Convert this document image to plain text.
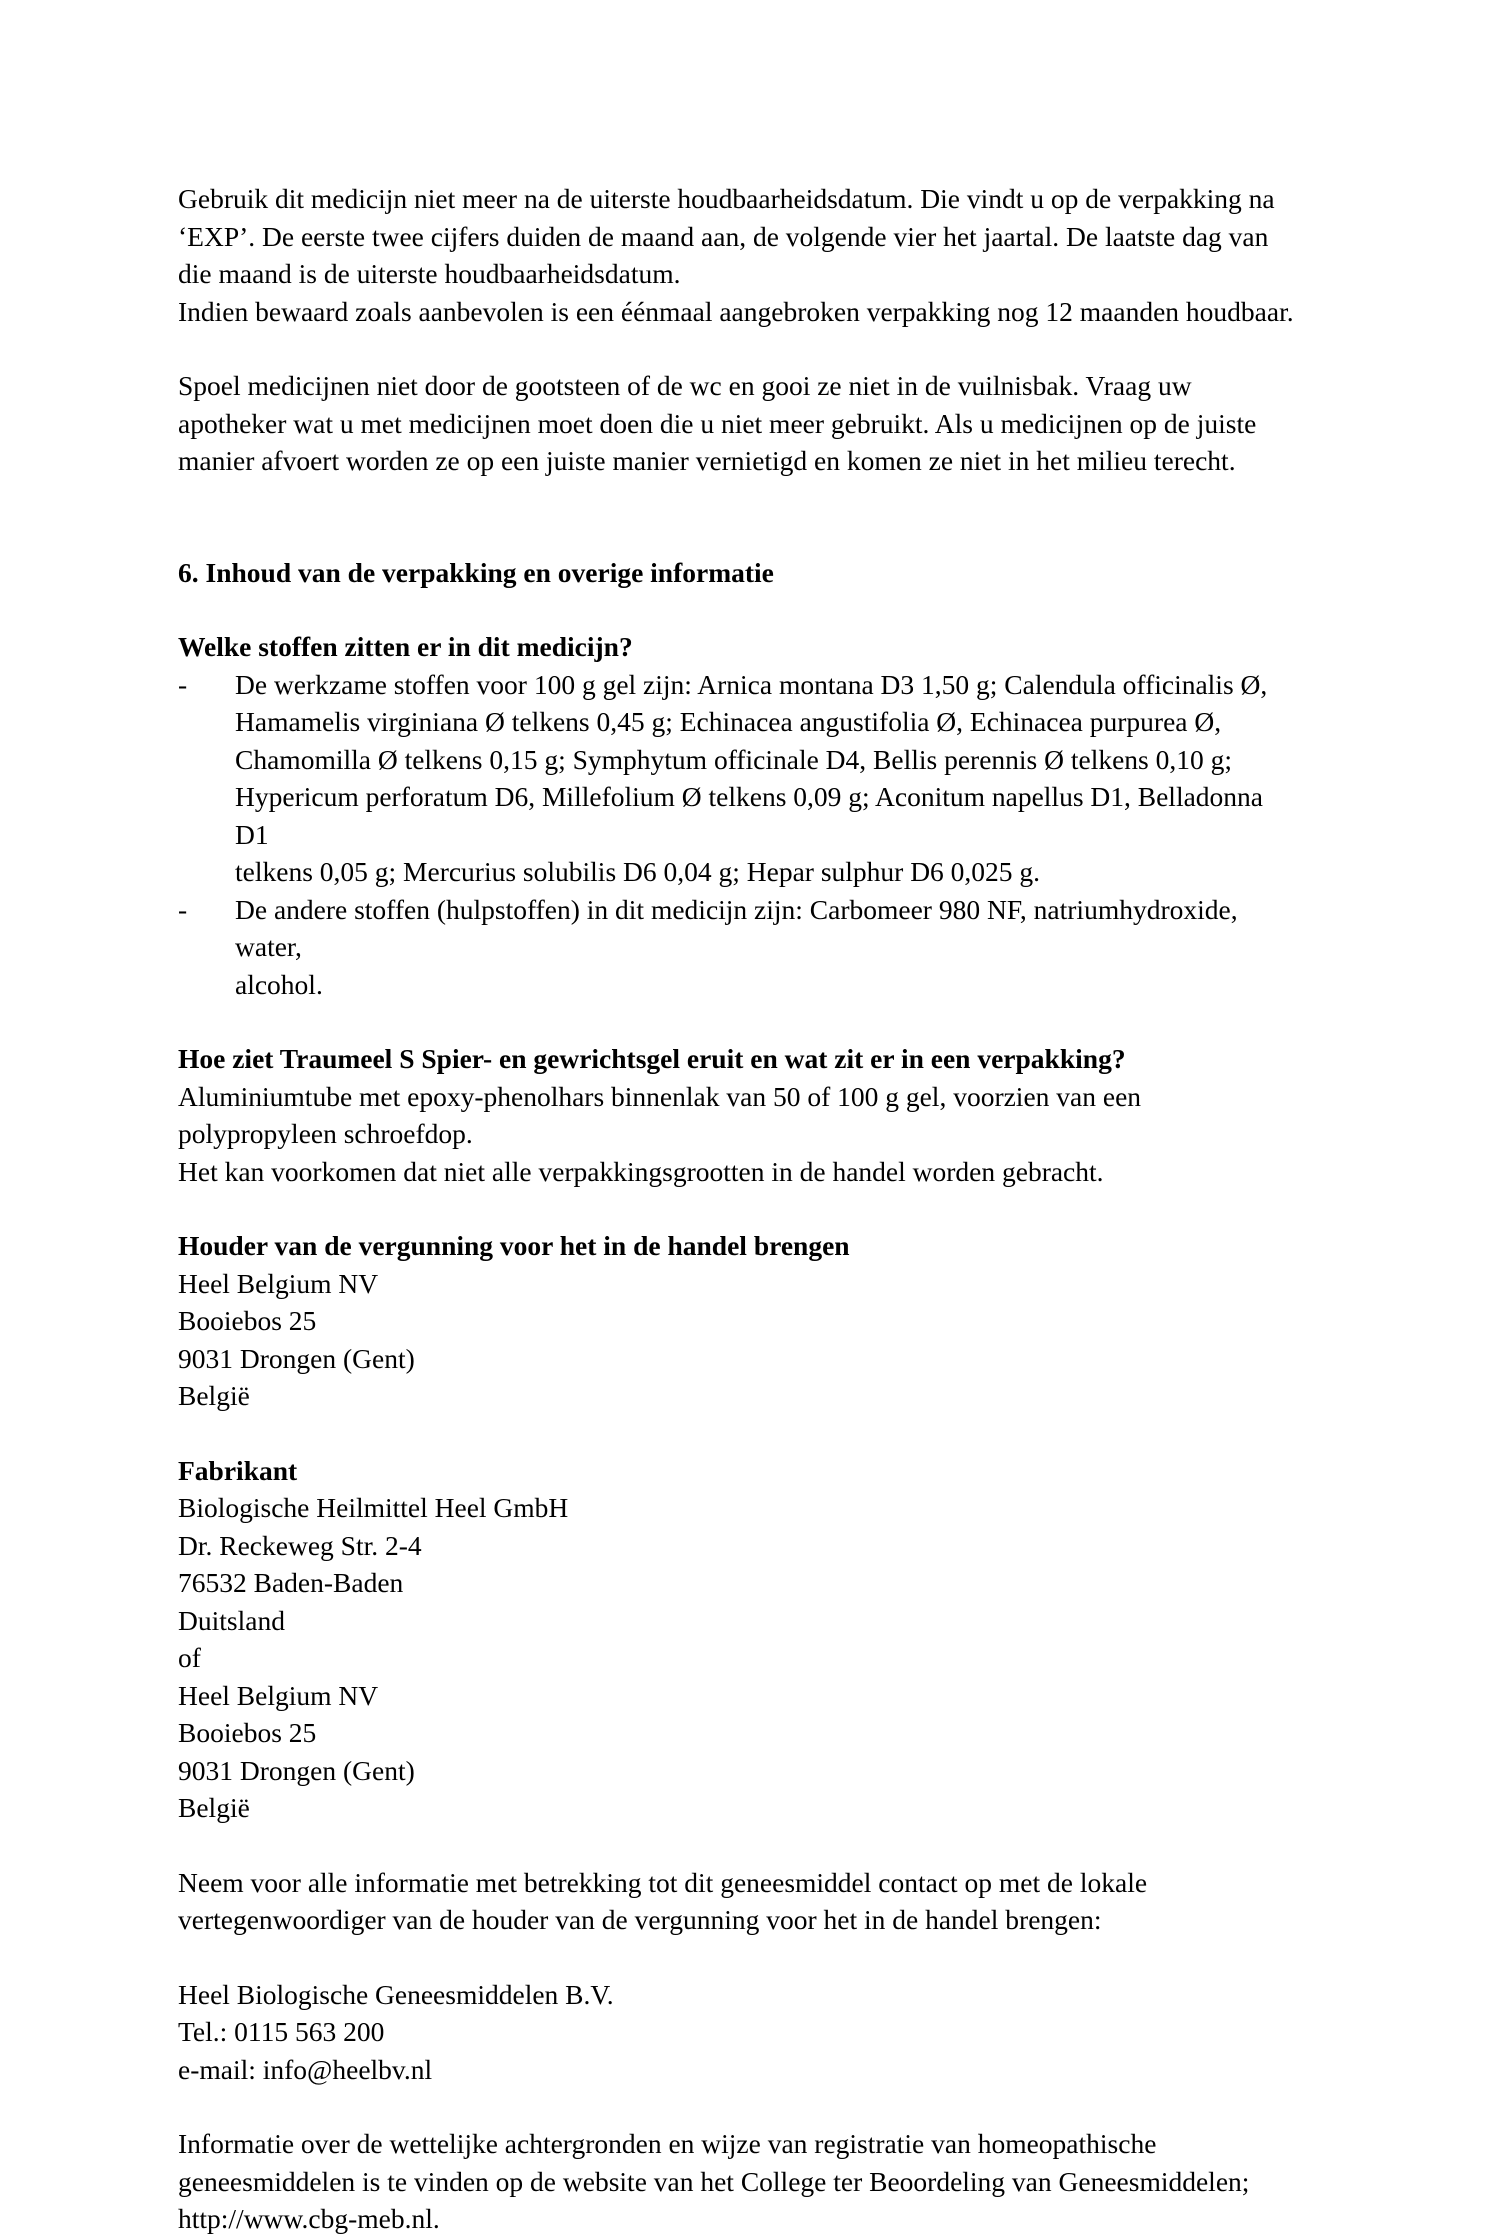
Gebruik dit medicijn niet meer na de uiterste houdbaarheidsdatum. Die vindt u op de verpakking na

‘EXP’. De eerste twee cijfers duiden de maand aan, de volgende vier het jaartal. De laatste dag van

die maand is de uiterste houdbaarheidsdatum.

Indien bewaard zoals aanbevolen is een éénmaal aangebroken verpakking nog 12 maanden houdbaar.

Spoel medicijnen niet door de gootsteen of de wc en gooi ze niet in de vuilnisbak. Vraag uw

apotheker wat u met medicijnen moet doen die u niet meer gebruikt. Als u medicijnen op de juiste

manier afvoert worden ze op een juiste manier vernietigd en komen ze niet in het milieu terecht.

6. Inhoud van de verpakking en overige informatie

Welke stoffen zitten er in dit medicijn?

-	De werkzame stoffen voor 100 g gel zijn: Arnica montana D3 1,50 g; Calendula officinalis Ø,
Hamamelis virginiana Ø telkens 0,45 g; Echinacea angustifolia Ø, Echinacea purpurea Ø,
Chamomilla Ø telkens 0,15 g; Symphytum officinale D4, Bellis perennis Ø telkens 0,10 g;
Hypericum perforatum D6, Millefolium Ø telkens 0,09 g; Aconitum napellus D1, Belladonna D1
telkens 0,05 g; Mercurius solubilis D6 0,04 g; Hepar sulphur D6 0,025 g.
-	De andere stoffen (hulpstoffen) in dit medicijn zijn: Carbomeer 980 NF, natriumhydroxide, water,
alcohol.

Hoe ziet Traumeel S Spier- en gewrichtsgel eruit en wat zit er in een verpakking?

Aluminiumtube met epoxy-phenolhars binnenlak van 50 of 100 g gel, voorzien van een

polypropyleen schroefdop.

Het kan voorkomen dat niet alle verpakkingsgrootten in de handel worden gebracht.

Houder van de vergunning voor het in de handel brengen

Heel Belgium NV

Booiebos 25

9031 Drongen (Gent)

België

Fabrikant

Biologische Heilmittel Heel GmbH

Dr. Reckeweg Str. 2-4

76532 Baden-Baden

Duitsland

of

Heel Belgium NV

Booiebos 25

9031 Drongen (Gent)

België

Neem voor alle informatie met betrekking tot dit geneesmiddel contact op met de lokale

vertegenwoordiger van de houder van de vergunning voor het in de handel brengen:

Heel Biologische Geneesmiddelen B.V.

Tel.: 0115 563 200

e-mail: info@heelbv.nl

Informatie over de wettelijke achtergronden en wijze van registratie van homeopathische

geneesmiddelen is te vinden op de website van het College ter Beoordeling van Geneesmiddelen;

http://www.cbg-meb.nl.
